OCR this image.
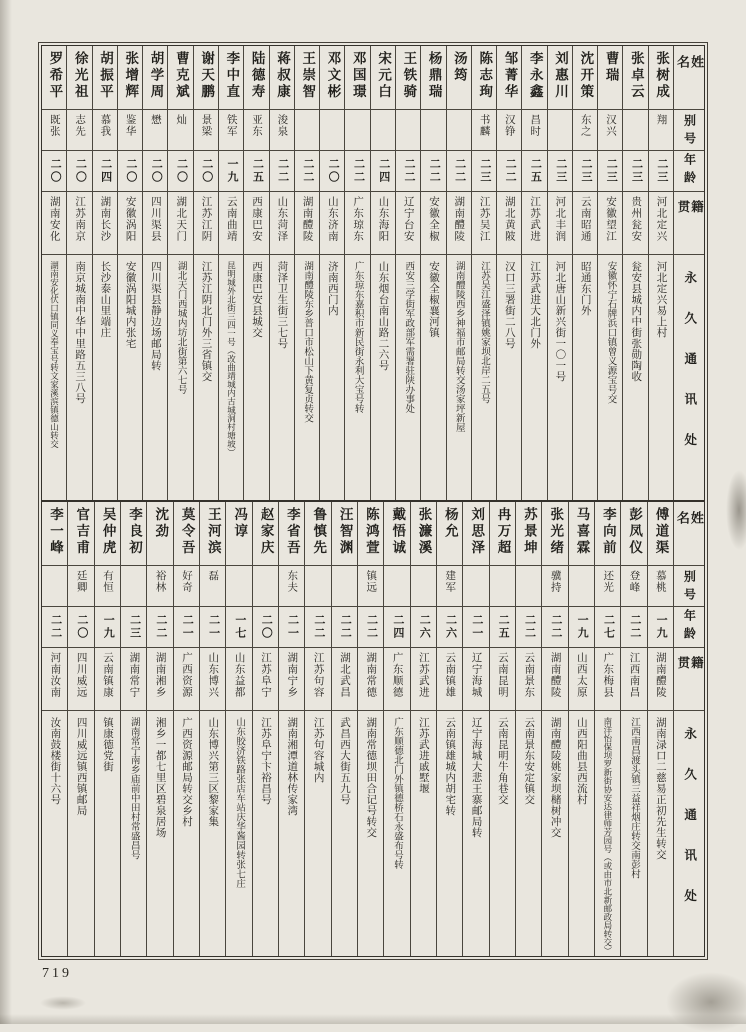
罗希平
既张
二〇
湖南安化
湖南安化伏口镇同义奉宝号转文家溪滨镇德山转交
徐光祖
志先
二〇
江苏南京
南京城南中华中里路五三八号
胡振平
慕我
二四
湖南长沙
长沙泰山里端庄
张增辉
鉴华
二〇
安徽涡阳
安徽涡阳城内张宅
胡学周
懋
二〇
四川渠县
四川渠县静边场邮局转
曹克斌
灿
二〇
湖北天门
湖北天门西城内坊北街第六七号
谢天鹏
景梁
二〇
江苏江阴
江苏江阴北门外三省镇交
李中直
铁军
一九
云南曲靖
昆明城外北街三四一号（改曲靖城内古城洞村塘坡）
陆德寿
亚东
二五
西康巴安
西康巴安县城交
蒋叔康
浚泉
二二
山东菏泽
菏泽卫生街三七号
王崇智
二二
湖南醴陵
湖南醴陵东乡普口市松山下黄复贞转交
邓文彬
二〇
山东济南
济南西门内
邓国璟
二二
广东琼东
广东琼东嘉积市新民街永利大宝号转
宋元白
二四
山东海阳
山东烟台南山路二六号
王铁骑
二二
辽宁台安
西安三学街军政部军需署驻陕办事处
杨鼎瑞
二二
安徽全椒
安徽全椒襄河镇
汤筠
二二
湖南醴陵
湖南醴陵西乡神福市邮局转交汤家坪新屋
陈志珣
书麟
二三
江苏吴江
江苏吴江盛泽镇姚家坝北岸二五号
邹菁华
汉铮
二二
湖北黄陂
汉口三署街二八号
李永鑫
昌时
二五
江苏武进
江苏武进大北门外
刘惠川
二三
河北丰润
河北唐山新兴街一〇一号
沈开策
东之
二三
云南昭通
昭通东门外
曹瑞
汉兴
二三
安徽望江
安徽怀宁石牌浜口镇曾义源宝号交
张卓云
二三
贵州瓮安
瓮安县城内中街张勋陶收
张树成
翔
二三
河北定兴
河北定兴易上村
姓名
别号
年龄
籍贯
永久通讯处
李一峰
二二
河南汝南
汝南鼓楼街十六号
官吉甫
廷卿
二〇
四川威远
四川威远镇西镇邮局
吴仲虎
有恒
一九
云南镇康
镇康德党街
李良初
二三
湖南常宁
湖南常宁南乡庙前中田村常盛昌号
沈劲
裕林
二二
湖南湘乡
湘乡一都七里区碧泉居场
莫令吾
好奇
二一
广西资源
广西资源邮局转交乡村
王河滨
磊
二一
山东博兴
山东博兴第三区黎家集
冯谆
一七
山东益都
山东胶济铁路张店车站庆华酱园转张七庄
赵家庆
二〇
江苏阜宁
江苏阜宁卞裕昌号
李省吾
东夫
二一
湖南宁乡
湖南湘潭道林传家湾
鲁慎先
二二
江苏句容
江苏句容城内
汪智渊
二二
湖北武昌
武昌西大街五九号
陈鸿萱
镇远
二二
湖南常德
湖南常德坝田合记号转交
戴悟诚
二四
广东顺德
广东顺德北门外镇德桥石永盛布号转
张濂溪
二六
江苏武进
江苏武进戚墅堰
杨允
建军
二六
云南镇雄
云南镇雄城内胡宅转
刘思泽
二一
辽宁海城
辽宁海城大悲王寨邮局转
冉万超
二五
云南昆明
云南昆明牛角巷交
苏景坤
二二
云南景东
云南景东安定镇交
张光绪
骥持
二二
湖南醴陵
湖南醴陵姚家坝槠树冲交
马喜霖
一九
山西太原
山西阳曲县西流村
李向前
还光
二七
广东梅县
南洋怡保坝罗新街协安达律师芳园号（或由市北新邮政局转交）
彭凤仪
登峰
二二
江西南昌
江西南昌渡头镇三益祥烟庄转交南彭村
傅道渠
慕桃
一九
湖南醴陵
湖南渌口二慈易正初先生转交
姓名
别号
年龄
籍贯
永久通讯处
719
